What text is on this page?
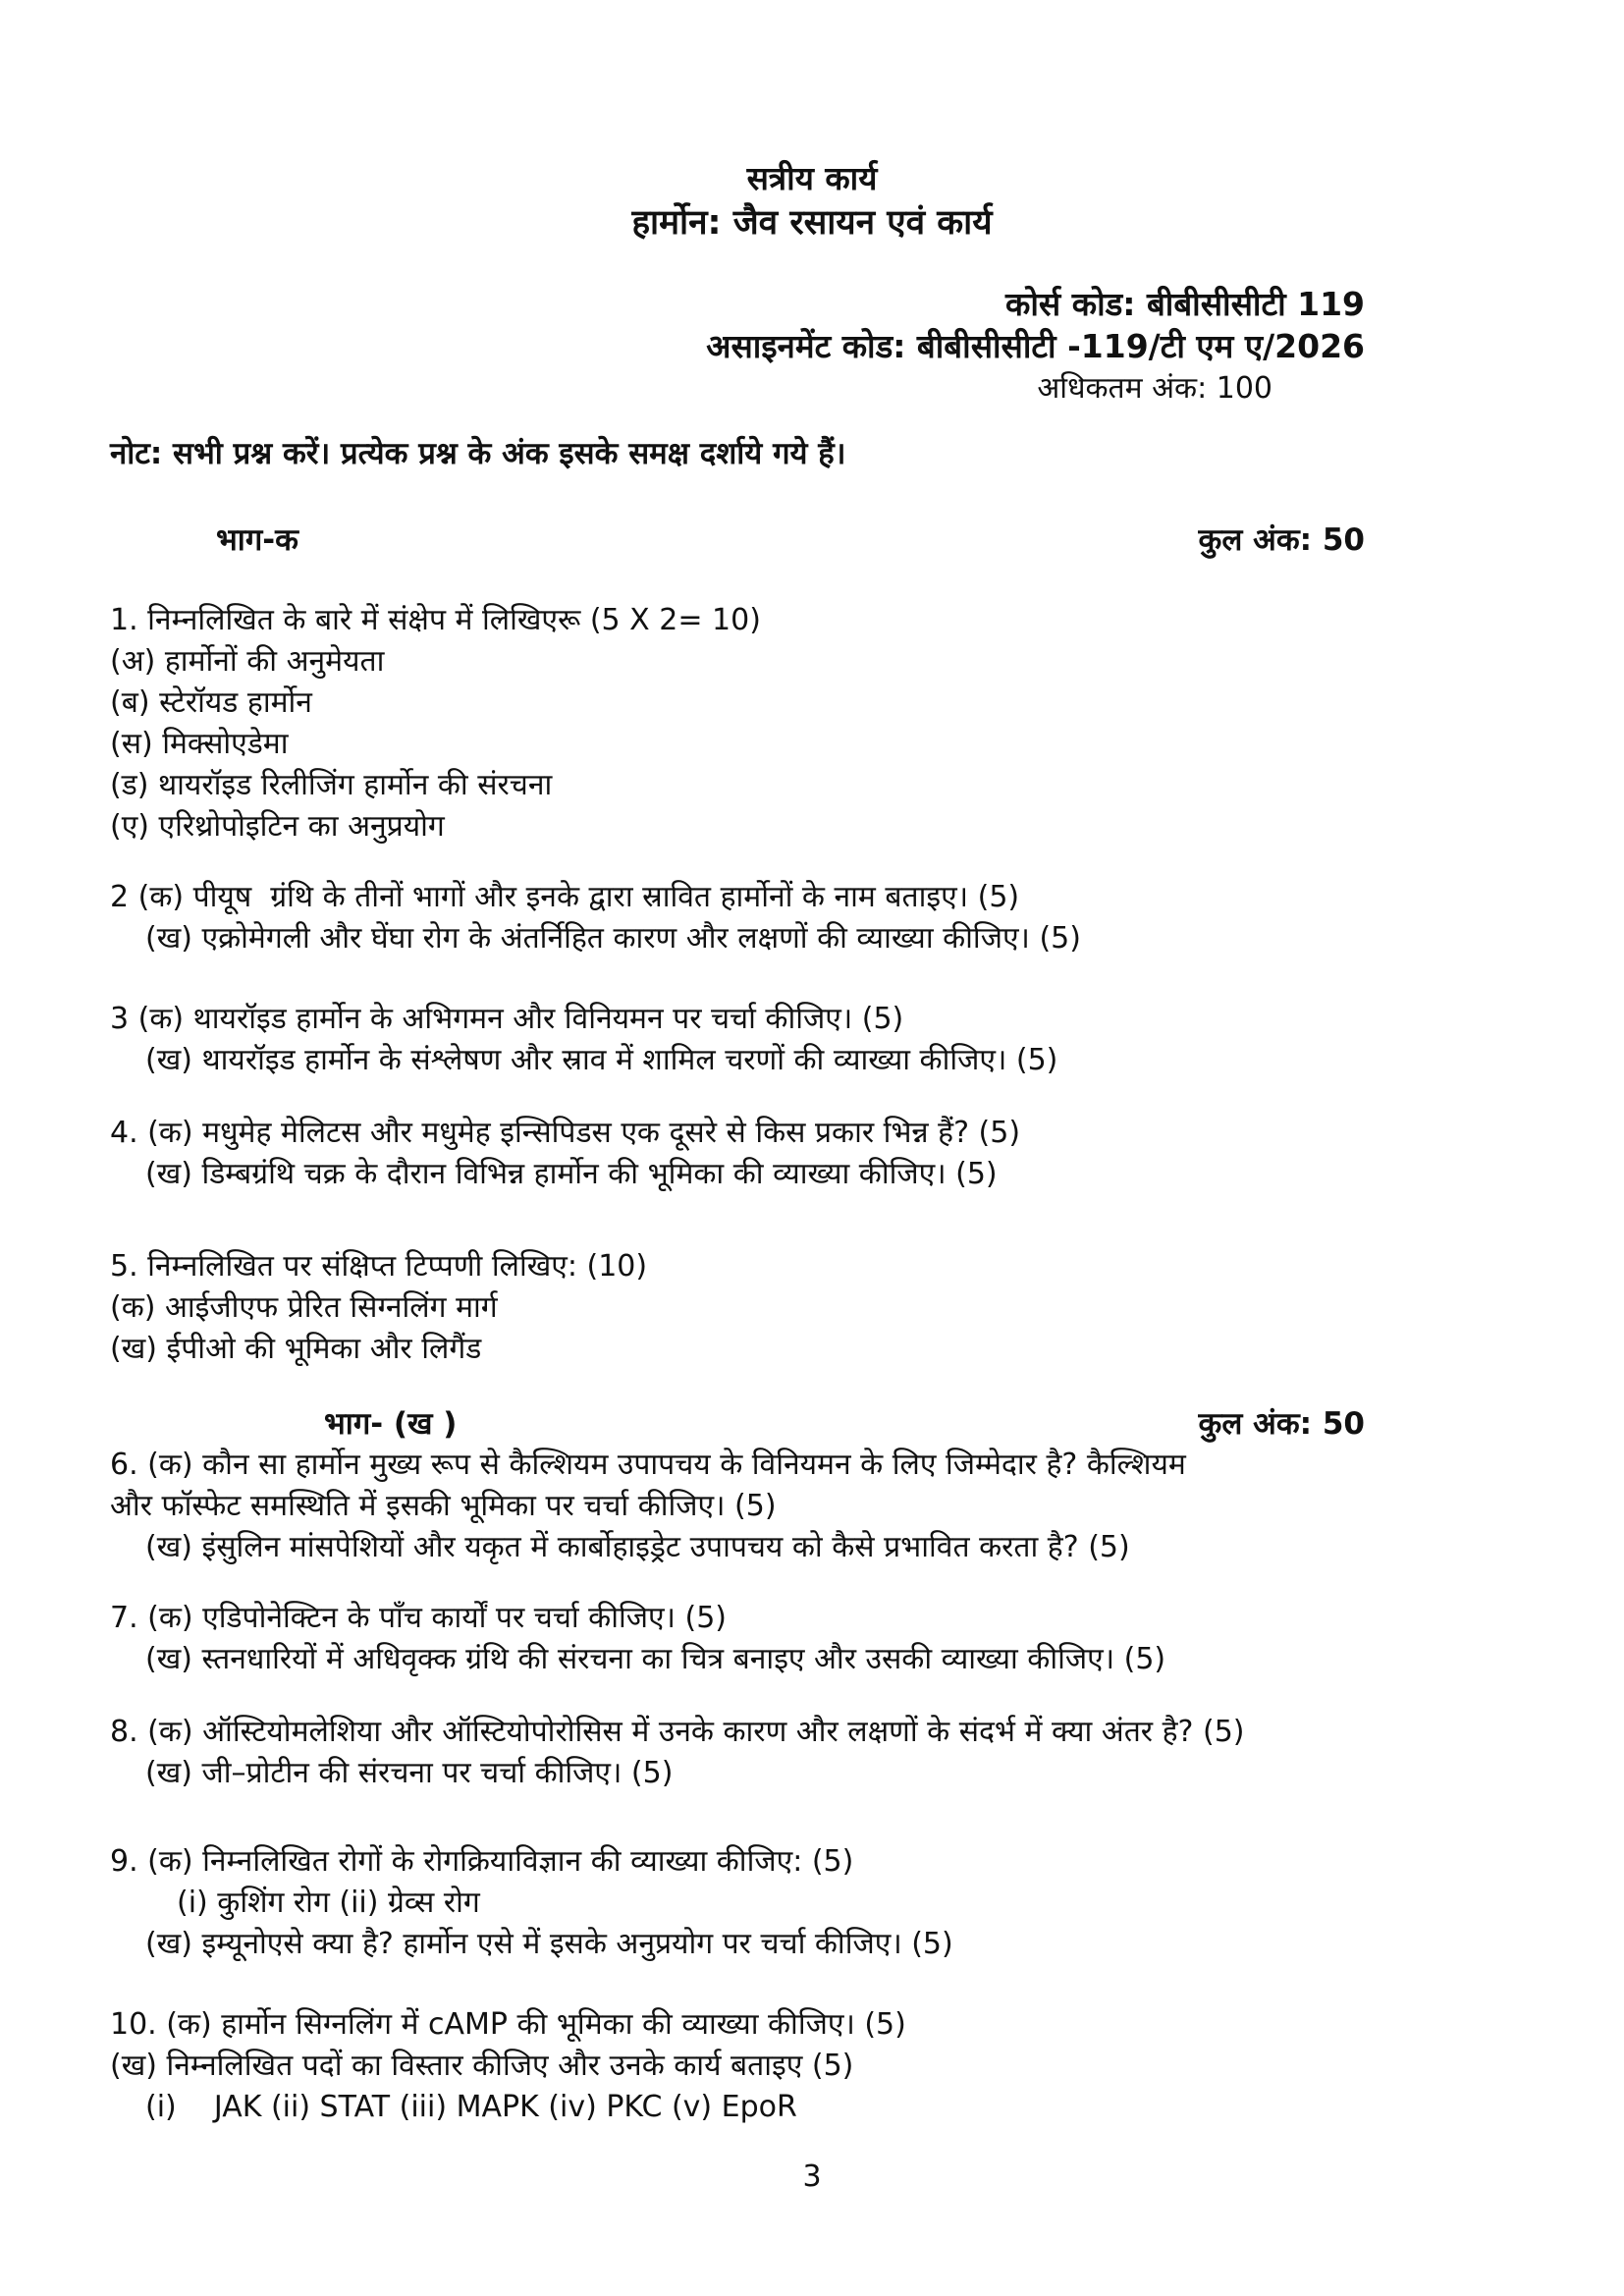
सत्रीय कार्य
हार्मोन: जैव रसायन एवं कार्य
कोर्स कोड: बीबीसीसीटी 119
असाइनमेंट कोड: बीबीसीसीटी -119/टी एम ए/2026
अधिकतम अंक: 100
नोट: सभी प्रश्न करें। प्रत्येक प्रश्न के अंक इसके समक्ष दर्शाये गये हैं।
भाग-क	कुल अंक: 50
1. निम्नलिखित के बारे में संक्षेप में लिखिएरू (5 X 2= 10)
(अ) हार्मोनों की अनुमेयता
(ब) स्टेरॉयड हार्मोन
(स) मिक्सोएडेमा
(ड) थायरॉइड रिलीजिंग हार्मोन की संरचना
(ए) एरिथ्रोपोइटिन का अनुप्रयोग
2 (क) पीयूष  ग्रंथि के तीनों भागों और इनके द्वारा स्रावित हार्मोनों के नाम बताइए। (5)
(ख) एक्रोमेगली और घेंघा रोग के अंतर्निहित कारण और लक्षणों की व्याख्या कीजिए। (5)
3 (क) थायरॉइड हार्मोन के अभिगमन और विनियमन पर चर्चा कीजिए। (5)
(ख) थायरॉइड हार्मोन के संश्लेषण और स्राव में शामिल चरणों की व्याख्या कीजिए। (5)
4. (क) मधुमेह मेलिटस और मधुमेह इन्सिपिडस एक दूसरे से किस प्रकार भिन्न हैं? (5)
(ख) डिम्बग्रंथि चक्र के दौरान विभिन्न हार्मोन की भूमिका की व्याख्या कीजिए। (5)
5. निम्नलिखित पर संक्षिप्त टिप्पणी लिखिए: (10)
(क) आईजीएफ प्रेरित सिग्नलिंग मार्ग
(ख) ईपीओ की भूमिका और लिगैंड
भाग- (ख )	कुल अंक: 50
6. (क) कौन सा हार्मोन मुख्य रूप से कैल्शियम उपापचय के विनियमन के लिए जिम्मेदार है? कैल्शियम
और फॉस्फेट समस्थिति में इसकी भूमिका पर चर्चा कीजिए। (5)
(ख) इंसुलिन मांसपेशियों और यकृत में कार्बोहाइड्रेट उपापचय को कैसे प्रभावित करता है? (5)
7. (क) एडिपोनेक्टिन के पाँच कार्यों पर चर्चा कीजिए। (5)
(ख) स्तनधारियों में अधिवृक्क ग्रंथि की संरचना का चित्र बनाइए और उसकी व्याख्या कीजिए। (5)
8. (क) ऑस्टियोमलेशिया और ऑस्टियोपोरोसिस में उनके कारण और लक्षणों के संदर्भ में क्या अंतर है? (5)
(ख) जी–प्रोटीन की संरचना पर चर्चा कीजिए। (5)
9. (क) निम्नलिखित रोगों के रोगक्रियाविज्ञान की व्याख्या कीजिए: (5)
(i) कुशिंग रोग (ii) ग्रेव्स रोग
(ख) इम्यूनोएसे क्या है? हार्मोन एसे में इसके अनुप्रयोग पर चर्चा कीजिए। (5)
10. (क) हार्मोन सिग्नलिंग में cAMP की भूमिका की व्याख्या कीजिए। (5)
(ख) निम्नलिखित पदों का विस्तार कीजिए और उनके कार्य बताइए (5)
(i)    JAK (ii) STAT (iii) MAPK (iv) PKC (v) EpoR
3
